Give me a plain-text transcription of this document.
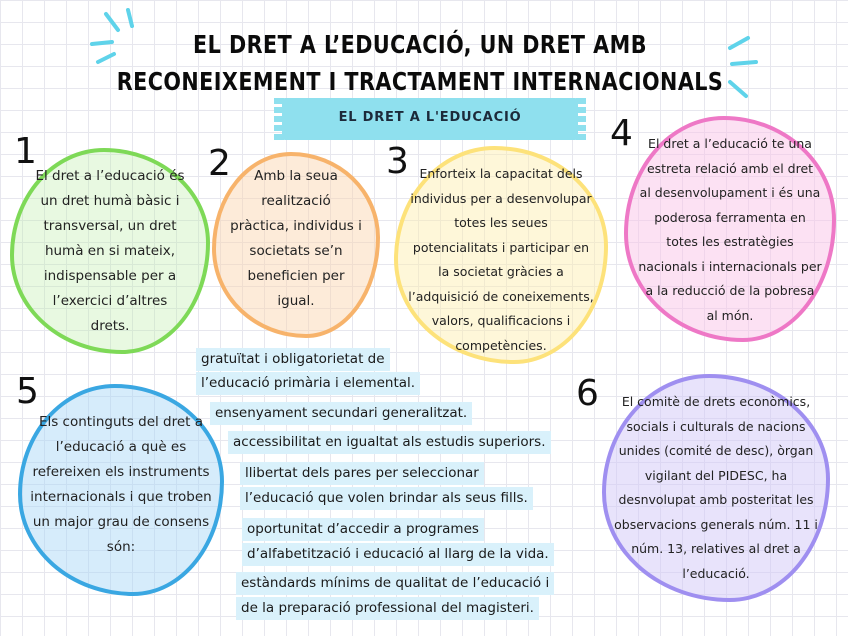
EL DRET A L’EDUCACIÓ, UN DRET AMB
RECONEIXEMENT I TRACTAMENT INTERNACIONALS
EL DRET A L'EDUCACIÓ
1
El dret a l’educació és
un dret humà bàsic i
transversal, un dret
humà en si mateix,
indispensable per a
l’exercici d’altres
drets.
2	Amb la seua
realització
pràctica, individus i
societats se’n
beneficien per
igual.
3 Enforteix la capacitat dels
individus per a desenvolupar
totes les seues
potencialitats i participar en
la societat gràcies a
l’adquisició de coneixements,
valors, qualificacions i
competències.
4	El dret a l’educació te una
estreta relació amb el dret
al desenvolupament i és una
poderosa ferramenta en
totes les estratègies
nacionals i internacionals per
a la reducció de la pobresa
al món.
5
Els continguts del dret a
l’educació a què es
refereixen els instruments
internacionals i que troben
un major grau de consens
són:
6	El comitè de drets econòmics,
socials i culturals de nacions
unides (comité de desc), òrgan
vigilant del PIDESC, ha
desnvolupat amb posteritat les
observacions generals núm. 11 i
núm. 13, relatives al dret a
l’educació.
gratuïtat i obligatorietat de
l’educació primària i elemental.
ensenyament secundari generalitzat.
accessibilitat en igualtat als estudis superiors.
llibertat dels pares per seleccionar
l’educació que volen brindar als seus fills.
oportunitat d’accedir a programes
d’alfabetització i educació al llarg de la vida.
estàndards mínims de qualitat de l’educació i
de la preparació professional del magisteri.
